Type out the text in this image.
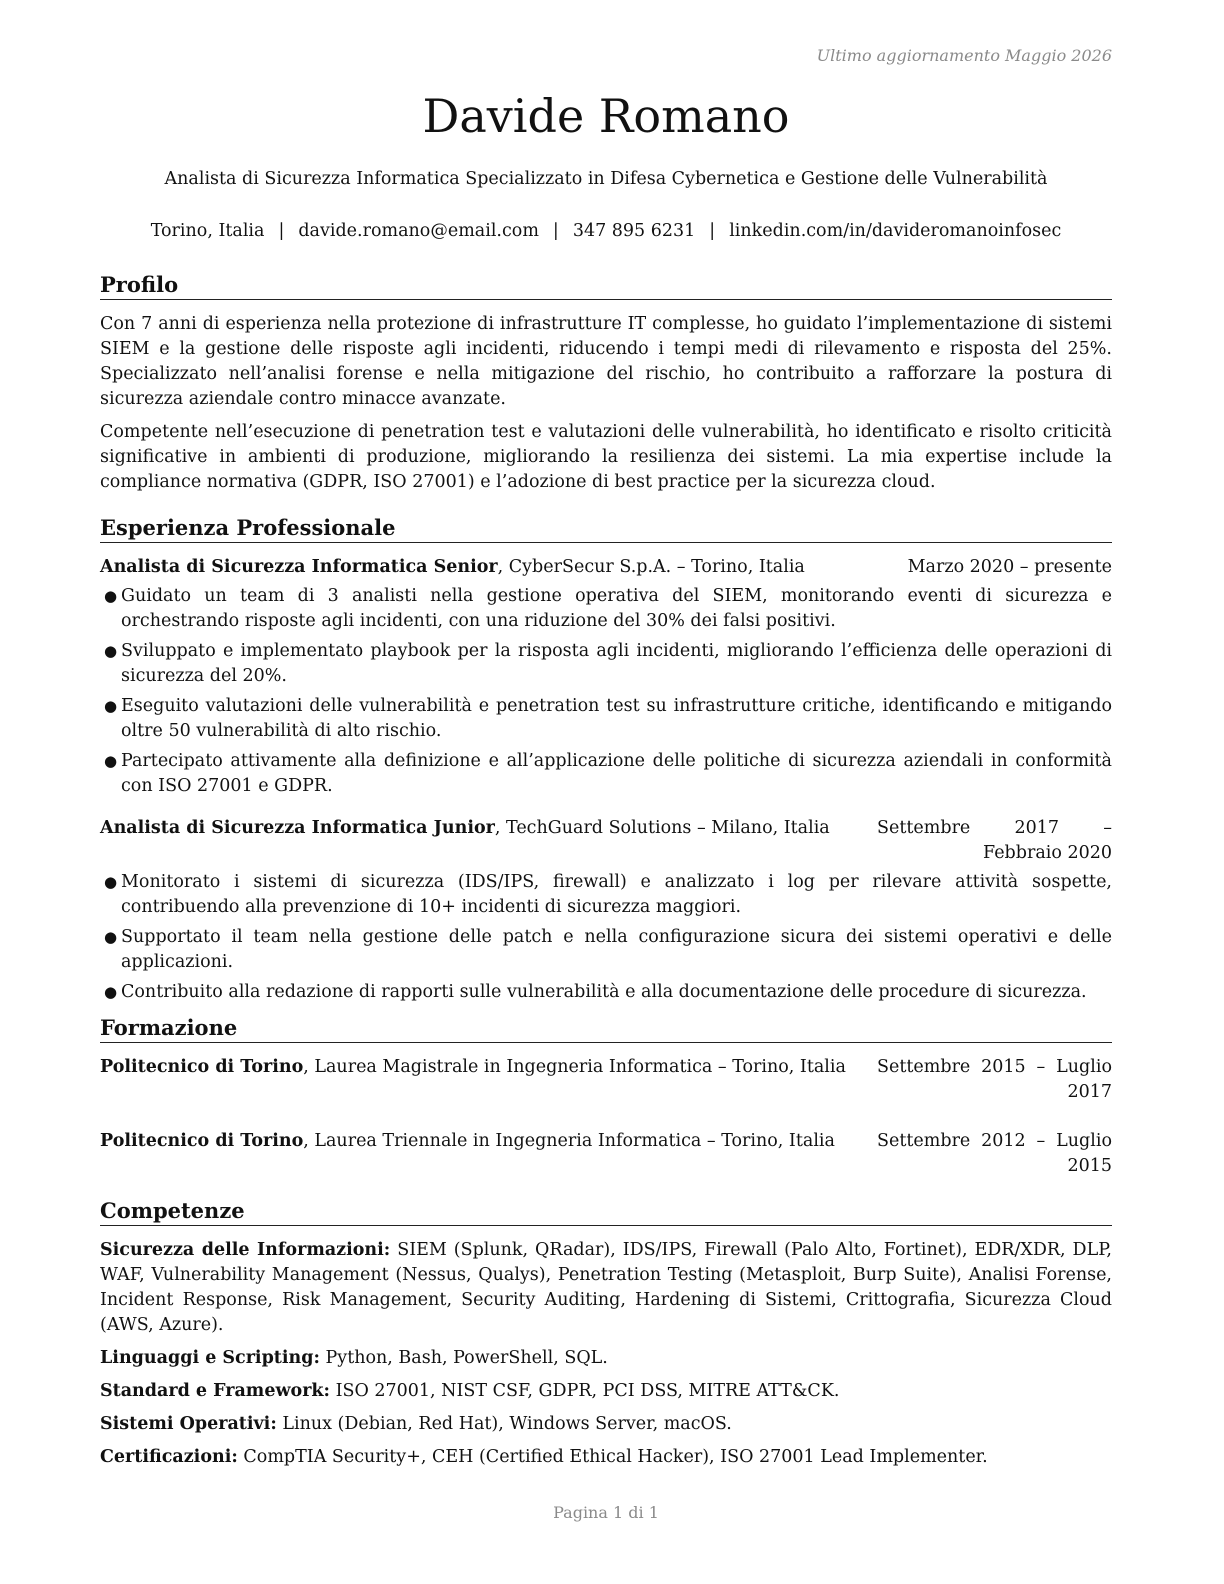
Ultimo aggiornamento Maggio 2026
Davide Romano
Analista di Sicurezza Informatica Specializzato in Difesa Cybernetica e Gestione delle Vulnerabilità
Torino, Italia | davide.romano@email.com | 347 895 6231 | linkedin.com/in/davideromanoinfosec
Profilo

Con 7 anni di esperienza nella protezione di infrastrutture IT complesse, ho guidato l’implementazione di sistemi SIEM e la gestione delle risposte agli incidenti, riducendo i tempi medi di rilevamento e risposta del 25%. Specializzato nell’analisi forense e nella mitigazione del rischio, ho contribuito a rafforzare la postura di sicurezza aziendale contro minacce avanzate.

Competente nell’esecuzione di penetration test e valutazioni delle vulnerabilità, ho identificato e risolto criticità significative in ambienti di produzione, migliorando la resilienza dei sistemi. La mia expertise include la compliance normativa (GDPR, ISO 27001) e l’adozione di best practice per la sicurezza cloud.

Esperienza Professionale
Analista di Sicurezza Informatica Senior, CyberSecur S.p.A. – Torino, Italia	Marzo 2020 – presente
● Guidato un team di 3 analisti nella gestione operativa del SIEM, monitorando eventi di sicurezza e orchestrando risposte agli incidenti, con una riduzione del 30% dei falsi positivi.
● Sviluppato e implementato playbook per la risposta agli incidenti, migliorando l’efficienza delle operazioni di sicurezza del 20%.
● Eseguito valutazioni delle vulnerabilità e penetration test su infrastrutture critiche, identificando e mitigando oltre 50 vulnerabilità di alto rischio.
● Partecipato attivamente alla definizione e all’applicazione delle politiche di sicurezza aziendali in conformità con ISO 27001 e GDPR.
Analista di Sicurezza Informatica Junior, TechGuard Solutions – Milano, Italia	Settembre 2017 – Febbraio 2020
● Monitorato i sistemi di sicurezza (IDS/IPS, firewall) e analizzato i log per rilevare attività sospette, contribuendo alla prevenzione di 10+ incidenti di sicurezza maggiori.
● Supportato il team nella gestione delle patch e nella configurazione sicura dei sistemi operativi e delle applicazioni.
● Contribuito alla redazione di rapporti sulle vulnerabilità e alla documentazione delle procedure di sicurezza.
Formazione
Politecnico di Torino, Laurea Magistrale in Ingegneria Informatica – Torino, Italia	Settembre 2015 – Luglio 2017
Politecnico di Torino, Laurea Triennale in Ingegneria Informatica – Torino, Italia	Settembre 2012 – Luglio 2015
Competenze
Sicurezza delle Informazioni: SIEM (Splunk, QRadar), IDS/IPS, Firewall (Palo Alto, Fortinet), EDR/XDR, DLP, WAF, Vulnerability Management (Nessus, Qualys), Penetration Testing (Metasploit, Burp Suite), Analisi Forense, Incident Response, Risk Management, Security Auditing, Hardening di Sistemi, Crittografia, Sicurezza Cloud (AWS, Azure).
Linguaggi e Scripting: Python, Bash, PowerShell, SQL.
Standard e Framework: ISO 27001, NIST CSF, GDPR, PCI DSS, MITRE ATT&CK.
Sistemi Operativi: Linux (Debian, Red Hat), Windows Server, macOS.
Certificazioni: CompTIA Security+, CEH (Certified Ethical Hacker), ISO 27001 Lead Implementer.
Pagina 1 di 1
